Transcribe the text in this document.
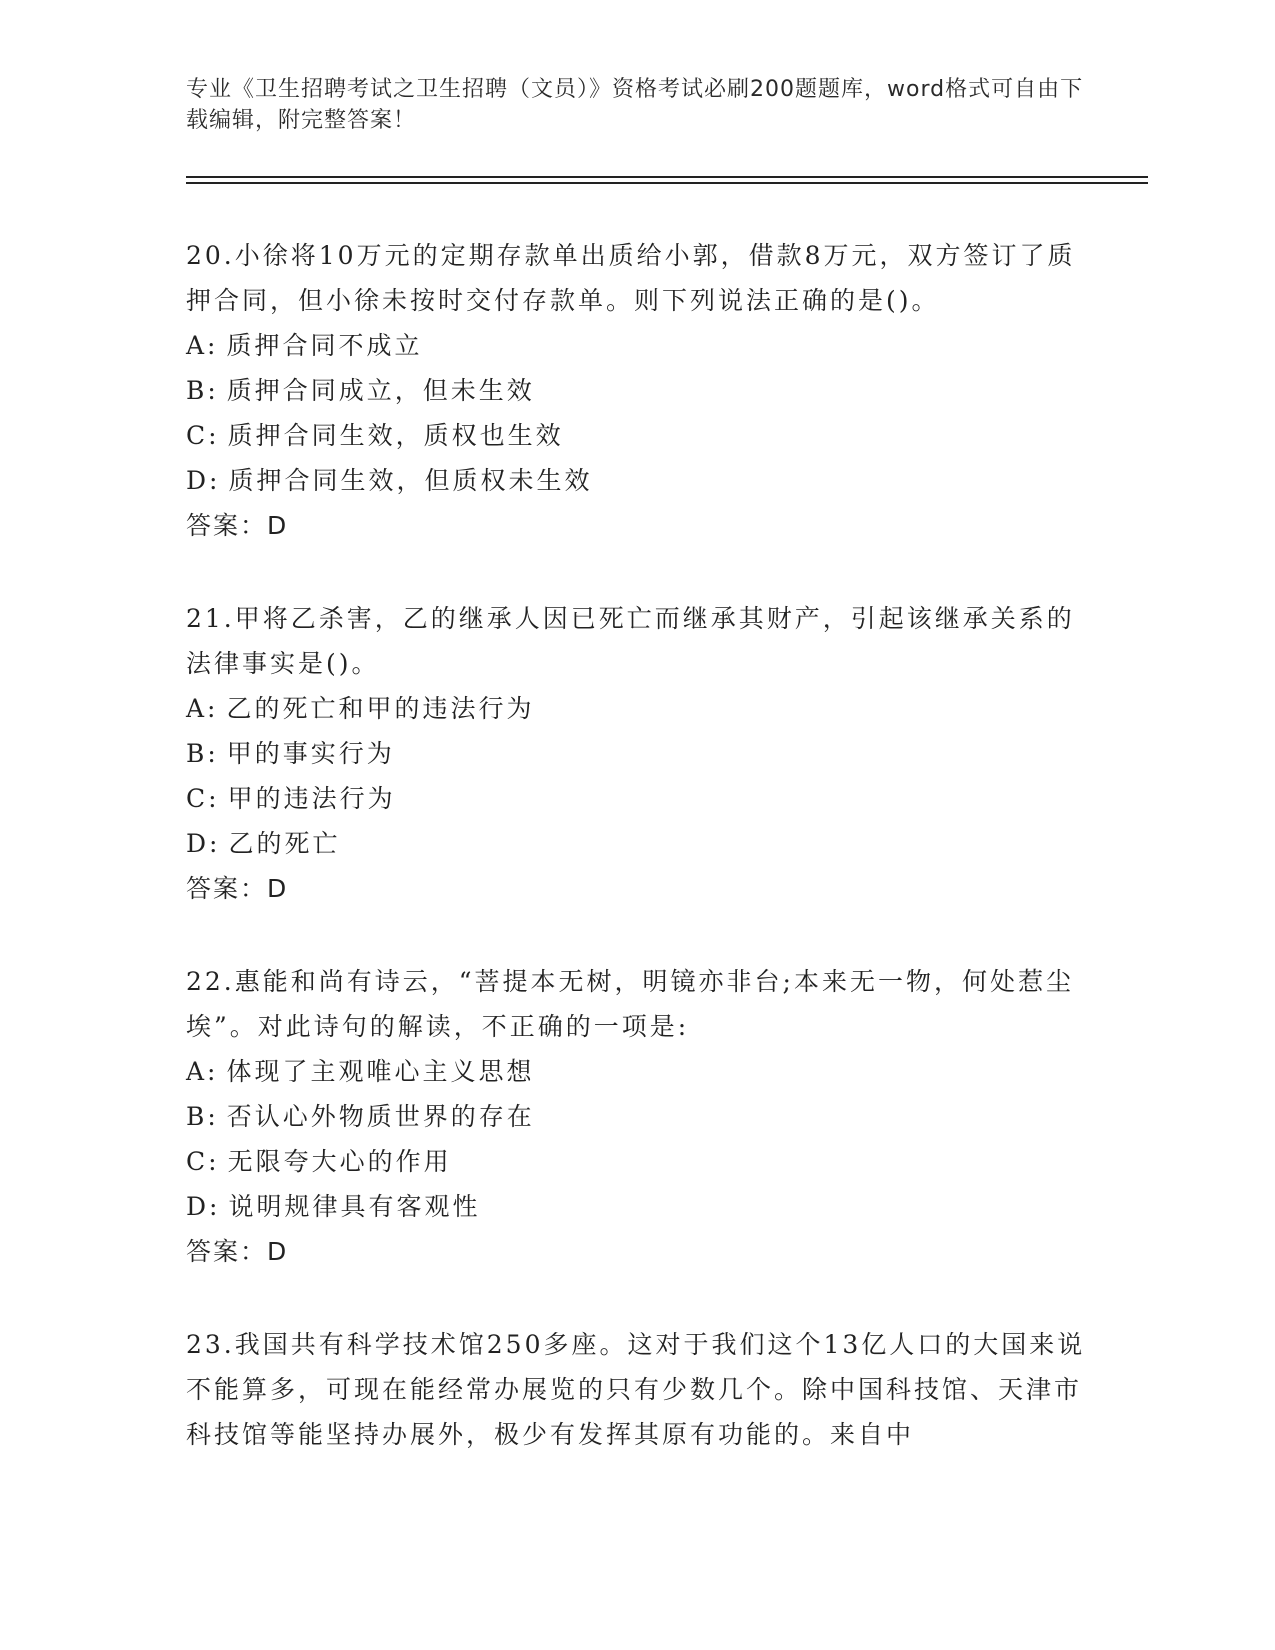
专业《卫生招聘考试之卫生招聘（文员）》资格考试必刷200题题库，word格式可自由下载编辑，附完整答案！

20.小徐将10万元的定期存款单出质给小郭，借款8万元，双方签订了质押合同，但小徐未按时交付存款单。则下列说法正确的是()。

A: 质押合同不成立

B: 质押合同成立，但未生效

C: 质押合同生效，质权也生效

D: 质押合同生效，但质权未生效

答案：D

21.甲将乙杀害，乙的继承人因已死亡而继承其财产，引起该继承关系的法律事实是()。

A: 乙的死亡和甲的违法行为

B: 甲的事实行为

C: 甲的违法行为

D: 乙的死亡

答案：D

22.惠能和尚有诗云，“菩提本无树，明镜亦非台;本来无一物，何处惹尘埃”。对此诗句的解读，不正确的一项是:

A: 体现了主观唯心主义思想

B: 否认心外物质世界的存在

C: 无限夸大心的作用

D: 说明规律具有客观性

答案：D

23.我国共有科学技术馆250多座。这对于我们这个13亿人口的大国来说不能算多，可现在能经常办展览的只有少数几个。除中国科技馆、天津市科技馆等能坚持办展外，极少有发挥其原有功能的。来自中
